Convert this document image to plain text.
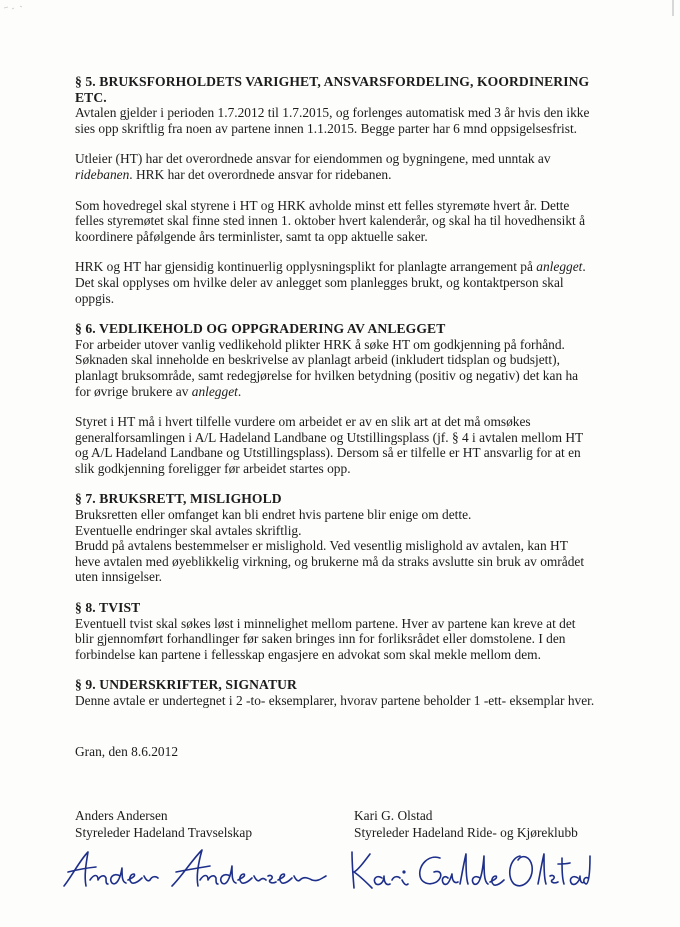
§ 5. BRUKSFORHOLDETS VARIGHET, ANSVARSFORDELING, KOORDINERING ETC.

Avtalen gjelder i perioden 1.7.2012 til 1.7.2015, og forlenges automatisk med 3 år hvis den ikke sies opp skriftlig fra noen av partene innen 1.1.2015. Begge parter har 6 mnd oppsigelsesfrist.

Utleier (HT) har det overordnede ansvar for eiendommen og bygningene, med unntak av ridebanen. HRK har det overordnede ansvar for ridebanen.

Som hovedregel skal styrene i HT og HRK avholde minst ett felles styremøte hvert år. Dette felles styremøtet skal finne sted innen 1. oktober hvert kalenderår, og skal ha til hovedhensikt å koordinere påfølgende års terminlister, samt ta opp aktuelle saker.

HRK og HT har gjensidig kontinuerlig opplysningsplikt for planlagte arrangement på anlegget. Det skal opplyses om hvilke deler av anlegget som planlegges brukt, og kontaktperson skal oppgis.

§ 6. VEDLIKEHOLD OG OPPGRADERING AV ANLEGGET

For arbeider utover vanlig vedlikehold plikter HRK å søke HT om godkjenning på forhånd. Søknaden skal inneholde en beskrivelse av planlagt arbeid (inkludert tidsplan og budsjett), planlagt bruksområde, samt redegjørelse for hvilken betydning (positiv og negativ) det kan ha for øvrige brukere av anlegget.

Styret i HT må i hvert tilfelle vurdere om arbeidet er av en slik art at det må omsøkes generalforsamlingen i A/L Hadeland Landbane og Utstillingsplass (jf. § 4 i avtalen mellom HT og A/L Hadeland Landbane og Utstillingsplass). Dersom så er tilfelle er HT ansvarlig for at en slik godkjenning foreligger før arbeidet startes opp.

§ 7. BRUKSRETT, MISLIGHOLD

Bruksretten eller omfanget kan bli endret hvis partene blir enige om dette.

Eventuelle endringer skal avtales skriftlig.

Brudd på avtalens bestemmelser er mislighold. Ved vesentlig mislighold av avtalen, kan HT heve avtalen med øyeblikkelig virkning, og brukerne må da straks avslutte sin bruk av området uten innsigelser.

§ 8. TVIST

Eventuell tvist skal søkes løst i minnelighet mellom partene. Hver av partene kan kreve at det blir gjennomført forhandlinger før saken bringes inn for forliksrådet eller domstolene. I den forbindelse kan partene i fellesskap engasjere en advokat som skal mekle mellom dem.

§ 9. UNDERSKRIFTER, SIGNATUR

Denne avtale er undertegnet i 2 -to- eksemplarer, hvorav partene beholder 1 -ett- eksemplar hver.

Gran, den 8.6.2012
Anders Andersen
Styreleder Hadeland Travselskap
Kari G. Olstad
Styreleder Hadeland Ride- og Kjøreklubb
